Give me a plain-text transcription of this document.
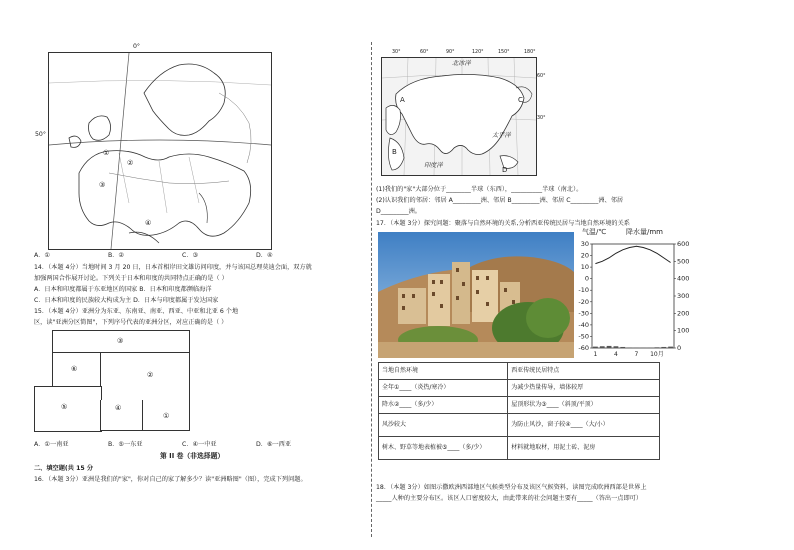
0°
50°
①
②
③
④
A．①	B．②	C．③	D．④
14．（本题 4分）当地时间 3 月 20 日，日本首相岸田文雄访问印度，并与该国总理莫迪会面，双方就
加强两国合作展开讨论。下列关于日本和印度的共同特点正确的是（ ）
A．日本和印度都属于东亚地区的国家 B．日本和印度都濒临海洋
C．日本和印度的民族较大构成为主 D．日本与印度都属于发达国家
15．（本题 4分）亚洲分为东亚、东南亚、南亚、西亚、中亚和北亚 6 个地
区，读"亚洲分区简图"，下列序号代表的亚洲分区，对应正确的是（ ）
③
⑥
②
⑤	④
①
A．①一南亚	B．⑤一东亚	C．④一中亚	D．⑥一西亚
第 II 卷（非选择题）
二、填空题(共 15 分
16．（本题 3分）亚洲是我们的"家"，你对自己的家了解多少？读"亚洲略图"（图），完成下列问题。
北冰洋
太平洋
印度洋
A
B
C
D
30°	60°	90°	120°	150°	180°
60°
30°
(1)我们的"家"大部分位于________半球（东西），__________半球（南北）。
(2)认识我们的邻居：邻居 A_________洲、邻居 B_________洲、邻居 C_________洲、邻居
D_________洲。
17．（本题 3分）探究问题：聚落与自然环境的关系,分析西亚传统民居与当地自然环境的关系
气温/℃	降水量/mm
30
20
10
0
-10
-20
-30
-40
-50
-60
600
500
400
300
200
100
0
1	4	7 10月
当地自然环境	西亚传统民居特点
全年①____（炎热/寒冷）	为减少热量传导，墙体较厚
降水②____（多/少）	屋顶形状为③____（斜顶/平顶）
风沙较大	为防止风沙，窗子较④____（大/小）
树木、野草等地表植被⑤____（多/少）	材料就地取材，用泥土砖、泥房
18．（本题 3分）如图示撒欧洲西部地区气候类型分布及该区气候资料，读图完成欧洲西部是世界上
_____人种的主要分布区。该区人口密度较大，由此带来的社会问题主要有_____（答出一点即可）
